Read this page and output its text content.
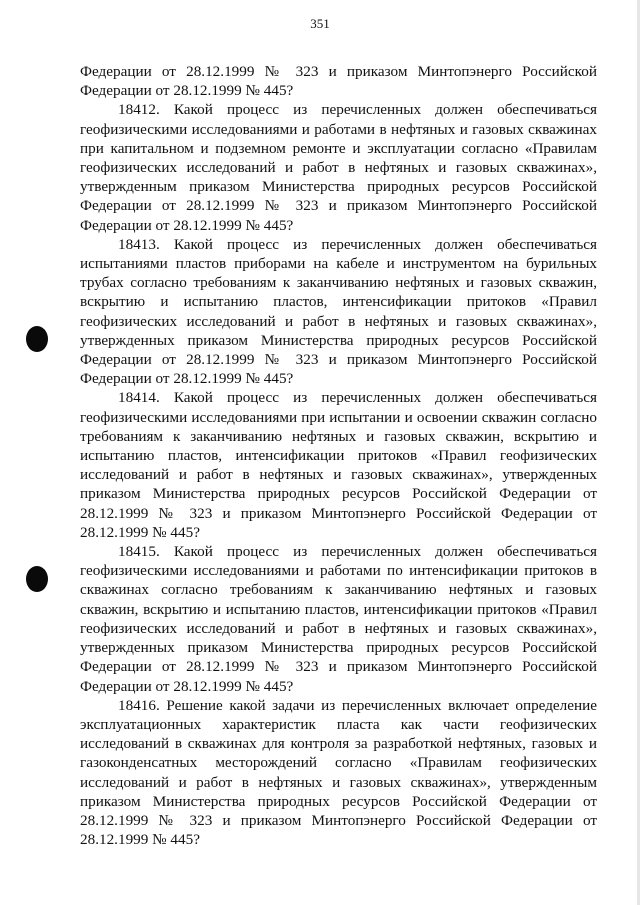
351

Федерации от 28.12.1999 № 323 и приказом Минтопэнерго Российской Федерации от 28.12.1999 № 445?

18412. Какой процесс из перечисленных должен обеспечиваться геофизическими исследованиями и работами в нефтяных и газовых скважинах при капитальном и подземном ремонте и эксплуатации согласно «Правилам геофизических исследований и работ в нефтяных и газовых скважинах», утвержденным приказом Министерства природных ресурсов Российской Федерации от 28.12.1999 № 323 и приказом Минтопэнерго Российской Федерации от 28.12.1999 № 445?

18413. Какой процесс из перечисленных должен обеспечиваться испытаниями пластов приборами на кабеле и инструментом на бурильных трубах согласно требованиям к заканчиванию нефтяных и газовых скважин, вскрытию и испытанию пластов, интенсификации притоков «Правил геофизических исследований и работ в нефтяных и газовых скважинах», утвержденных приказом Министерства природных ресурсов Российской Федерации от 28.12.1999 № 323 и приказом Минтопэнерго Российской Федерации от 28.12.1999 № 445?

18414. Какой процесс из перечисленных должен обеспечиваться геофизическими исследованиями при испытании и освоении скважин согласно требованиям к заканчиванию нефтяных и газовых скважин, вскрытию и испытанию пластов, интенсификации притоков «Правил геофизических исследований и работ в нефтяных и газовых скважинах», утвержденных приказом Министерства природных ресурсов Российской Федерации от 28.12.1999 № 323 и приказом Минтопэнерго Российской Федерации от 28.12.1999 № 445?

18415. Какой процесс из перечисленных должен обеспечиваться геофизическими исследованиями и работами по интенсификации притоков в скважинах согласно требованиям к заканчиванию нефтяных и газовых скважин, вскрытию и испытанию пластов, интенсификации притоков «Правил геофизических исследований и работ в нефтяных и газовых скважинах», утвержденных приказом Министерства природных ресурсов Российской Федерации от 28.12.1999 № 323 и приказом Минтопэнерго Российской Федерации от 28.12.1999 № 445?

18416. Решение какой задачи из перечисленных включает определение эксплуатационных характеристик пласта как части геофизических исследований в скважинах для контроля за разработкой нефтяных, газовых и газоконденсатных месторождений согласно «Правилам геофизических исследований и работ в нефтяных и газовых скважинах», утвержденным приказом Министерства природных ресурсов Российской Федерации от 28.12.1999 № 323 и приказом Минтопэнерго Российской Федерации от 28.12.1999 № 445?
